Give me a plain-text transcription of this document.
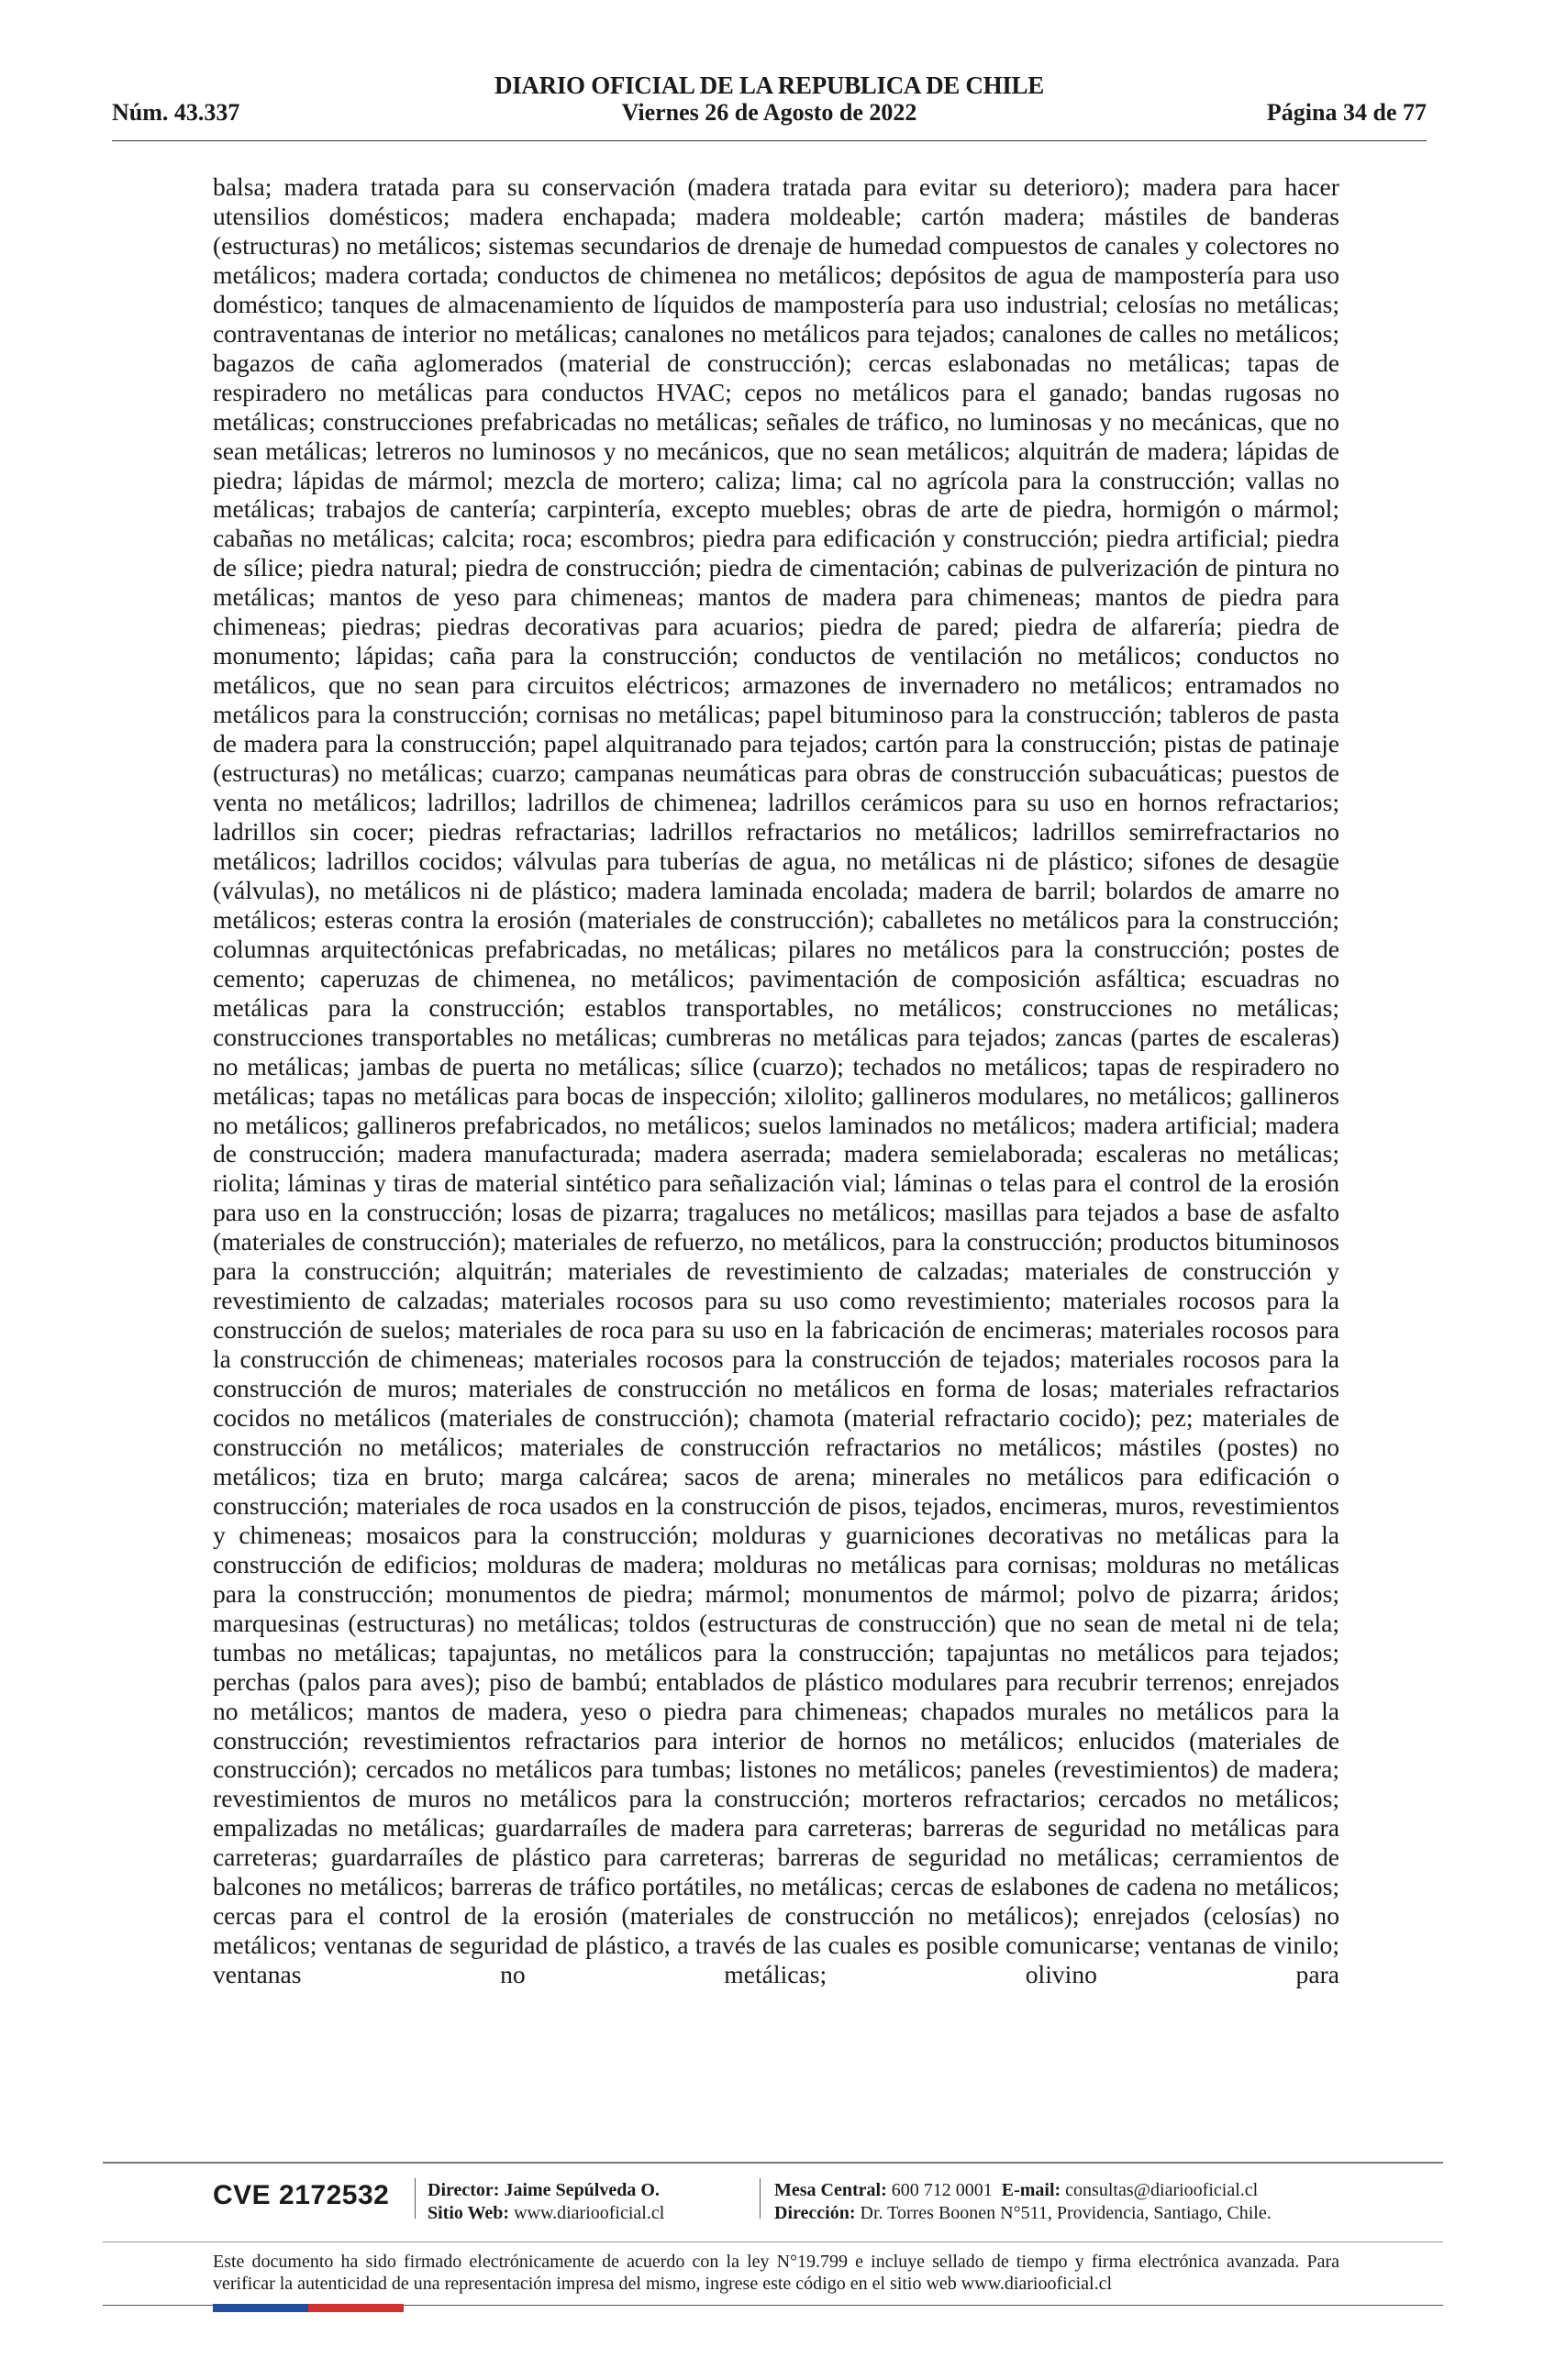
DIARIO OFICIAL DE LA REPUBLICA DE CHILE
Núm. 43.337	Viernes 26 de Agosto de 2022	Página 34 de 77
balsa; madera tratada para su conservación (madera tratada para evitar su deterioro); madera para hacer utensilios domésticos; madera enchapada; madera moldeable; cartón madera; mástiles de banderas (estructuras) no metálicos; sistemas secundarios de drenaje de humedad compuestos de canales y colectores no metálicos; madera cortada; conductos de chimenea no metálicos; depósitos de agua de mampostería para uso doméstico; tanques de almacenamiento de líquidos de mampostería para uso industrial; celosías no metálicas; contraventanas de interior no metálicas; canalones no metálicos para tejados; canalones de calles no metálicos; bagazos de caña aglomerados (material de construcción); cercas eslabonadas no metálicas; tapas de respiradero no metálicas para conductos HVAC; cepos no metálicos para el ganado; bandas rugosas no metálicas; construcciones prefabricadas no metálicas; señales de tráfico, no luminosas y no mecánicas, que no sean metálicas; letreros no luminosos y no mecánicos, que no sean metálicos; alquitrán de madera; lápidas de piedra; lápidas de mármol; mezcla de mortero; caliza; lima; cal no agrícola para la construcción; vallas no metálicas; trabajos de cantería; carpintería, excepto muebles; obras de arte de piedra, hormigón o mármol; cabañas no metálicas; calcita; roca; escombros; piedra para edificación y construcción; piedra artificial; piedra de sílice; piedra natural; piedra de construcción; piedra de cimentación; cabinas de pulverización de pintura no metálicas; mantos de yeso para chimeneas; mantos de madera para chimeneas; mantos de piedra para chimeneas; piedras; piedras decorativas para acuarios; piedra de pared; piedra de alfarería; piedra de monumento; lápidas; caña para la construcción; conductos de ventilación no metálicos; conductos no metálicos, que no sean para circuitos eléctricos; armazones de invernadero no metálicos; entramados no metálicos para la construcción; cornisas no metálicas; papel bituminoso para la construcción; tableros de pasta de madera para la construcción; papel alquitranado para tejados; cartón para la construcción; pistas de patinaje (estructuras) no metálicas; cuarzo; campanas neumáticas para obras de construcción subacuáticas; puestos de venta no metálicos; ladrillos; ladrillos de chimenea; ladrillos cerámicos para su uso en hornos refractarios; ladrillos sin cocer; piedras refractarias; ladrillos refractarios no metálicos; ladrillos semirrefractarios no metálicos; ladrillos cocidos; válvulas para tuberías de agua, no metálicas ni de plástico; sifones de desagüe (válvulas), no metálicos ni de plástico; madera laminada encolada; madera de barril; bolardos de amarre no metálicos; esteras contra la erosión (materiales de construcción); caballetes no metálicos para la construcción; columnas arquitectónicas prefabricadas, no metálicas; pilares no metálicos para la construcción; postes de cemento; caperuzas de chimenea, no metálicos; pavimentación de composición asfáltica; escuadras no metálicas para la construcción; establos transportables, no metálicos; construcciones no metálicas; construcciones transportables no metálicas; cumbreras no metálicas para tejados; zancas (partes de escaleras) no metálicas; jambas de puerta no metálicas; sílice (cuarzo); techados no metálicos; tapas de respiradero no metálicas; tapas no metálicas para bocas de inspección; xilolito; gallineros modulares, no metálicos; gallineros no metálicos; gallineros prefabricados, no metálicos; suelos laminados no metálicos; madera artificial; madera de construcción; madera manufacturada; madera aserrada; madera semielaborada; escaleras no metálicas; riolita; láminas y tiras de material sintético para señalización vial; láminas o telas para el control de la erosión para uso en la construcción; losas de pizarra; tragaluces no metálicos; masillas para tejados a base de asfalto (materiales de construcción); materiales de refuerzo, no metálicos, para la construcción; productos bituminosos para la construcción; alquitrán; materiales de revestimiento de calzadas; materiales de construcción y revestimiento de calzadas; materiales rocosos para su uso como revestimiento; materiales rocosos para la construcción de suelos; materiales de roca para su uso en la fabricación de encimeras; materiales rocosos para la construcción de chimeneas; materiales rocosos para la construcción de tejados; materiales rocosos para la construcción de muros; materiales de construcción no metálicos en forma de losas; materiales refractarios cocidos no metálicos (materiales de construcción); chamota (material refractario cocido); pez; materiales de construcción no metálicos; materiales de construcción refractarios no metálicos; mástiles (postes) no metálicos; tiza en bruto; marga calcárea; sacos de arena; minerales no metálicos para edificación o construcción; materiales de roca usados en la construcción de pisos, tejados, encimeras, muros, revestimientos y chimeneas; mosaicos para la construcción; molduras y guarniciones decorativas no metálicas para la construcción de edificios; molduras de madera; molduras no metálicas para cornisas; molduras no metálicas para la construcción; monumentos de piedra; mármol; monumentos de mármol; polvo de pizarra; áridos; marquesinas (estructuras) no metálicas; toldos (estructuras de construcción) que no sean de metal ni de tela; tumbas no metálicas; tapajuntas, no metálicos para la construcción; tapajuntas no metálicos para tejados; perchas (palos para aves); piso de bambú; entablados de plástico modulares para recubrir terrenos; enrejados no metálicos; mantos de madera, yeso o piedra para chimeneas; chapados murales no metálicos para la construcción; revestimientos refractarios para interior de hornos no metálicos; enlucidos (materiales de construcción); cercados no metálicos para tumbas; listones no metálicos; paneles (revestimientos) de madera; revestimientos de muros no metálicos para la construcción; morteros refractarios; cercados no metálicos; empalizadas no metálicas; guardarraíles de madera para carreteras; barreras de seguridad no metálicas para carreteras; guardarraíles de plástico para carreteras; barreras de seguridad no metálicas; cerramientos de balcones no metálicos; barreras de tráfico portátiles, no metálicas; cercas de eslabones de cadena no metálicos; cercas para el control de la erosión (materiales de construcción no metálicos); enrejados (celosías) no metálicos; ventanas de seguridad de plástico, a través de las cuales es posible comunicarse; ventanas de vinilo; ventanas no metálicas; olivino para
CVE 2172532 Director: Jaime Sepúlveda O.
Sitio Web: www.diariooficial.cl
Mesa Central: 600 712 0001 E-mail: consultas@diariooficial.cl
Dirección: Dr. Torres Boonen N°511, Providencia, Santiago, Chile.
Este documento ha sido firmado electrónicamente de acuerdo con la ley N°19.799 e incluye sellado de tiempo y firma electrónica avanzada. Para verificar la autenticidad de una representación impresa del mismo, ingrese este código en el sitio web www.diariooficial.cl
